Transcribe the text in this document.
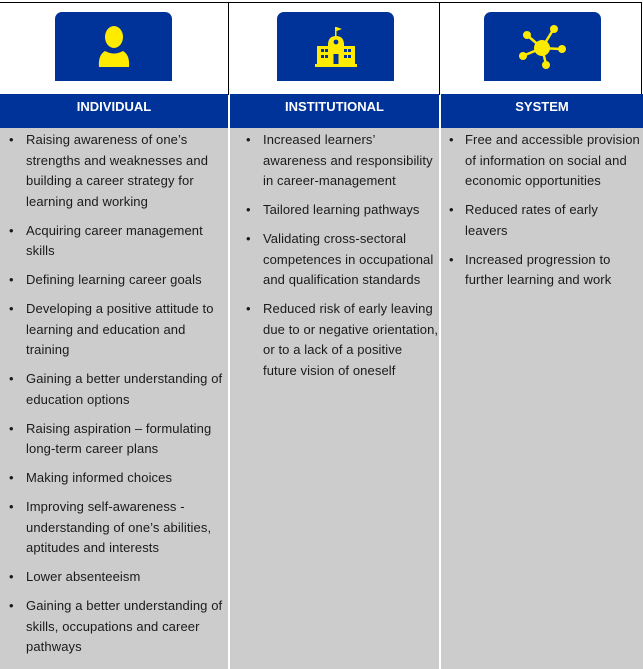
INDIVIDUAL	INSTITUTIONAL	SYSTEM
• Raising awareness of one’s strengths and weaknesses and building a career strategy for learning and working
• Acquiring career management skills
• Defining learning career goals
• Developing a positive attitude to learning and education and training
• Gaining a better understanding of education options
• Raising aspiration – formulating long-term career plans
• Making informed choices
• Improving self-awareness - understanding of one’s abilities, aptitudes and interests
• Lower absenteeism
• Gaining a better understanding of skills, occupations and career pathways
• Increased learners’ awareness and responsibility in career-management
• Tailored learning pathways
• Validating cross-sectoral competences in occupational and qualification standards
• Reduced risk of early leaving due to or negative orientation, or to a lack of a positive future vision of oneself
• Free and accessible provision of information on social and economic opportunities
• Reduced rates of early leavers
• Increased progression to further learning and work
